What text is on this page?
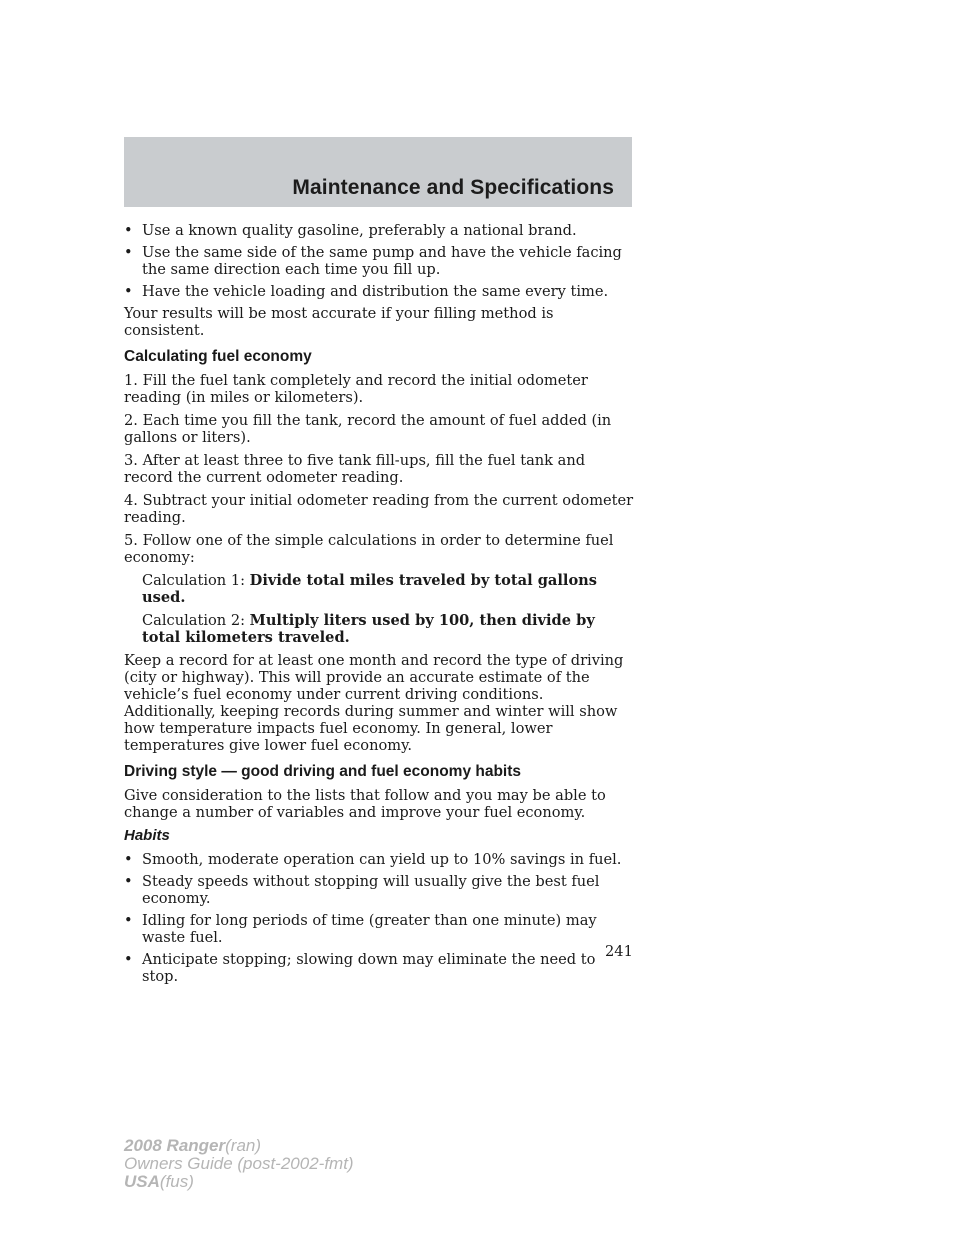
Maintenance and Specifications
• Use a known quality gasoline, preferably a national brand.
• Use the same side of the same pump and have the vehicle facing the same direction each time you fill up.
• Have the vehicle loading and distribution the same every time.

Your results will be most accurate if your filling method is consistent.

Calculating fuel economy

1. Fill the fuel tank completely and record the initial odometer reading (in miles or kilometers).

2. Each time you fill the tank, record the amount of fuel added (in gallons or liters).

3. After at least three to five tank fill-ups, fill the fuel tank and record the current odometer reading.

4. Subtract your initial odometer reading from the current odometer reading.

5. Follow one of the simple calculations in order to determine fuel economy:

Calculation 1: Divide total miles traveled by total gallons used.
Calculation 2: Multiply liters used by 100, then divide by total kilometers traveled.

Keep a record for at least one month and record the type of driving (city or highway). This will provide an accurate estimate of the vehicle’s fuel economy under current driving conditions. Additionally, keeping records during summer and winter will show how temperature impacts fuel economy. In general, lower temperatures give lower fuel economy.

Driving style — good driving and fuel economy habits

Give consideration to the lists that follow and you may be able to change a number of variables and improve your fuel economy.

Habits
• Smooth, moderate operation can yield up to 10% savings in fuel.
• Steady speeds without stopping will usually give the best fuel economy.
• Idling for long periods of time (greater than one minute) may waste fuel.
• Anticipate stopping; slowing down may eliminate the need to stop.
241
2008 Ranger(ran)
Owners Guide (post-2002-fmt)
USA(fus)
